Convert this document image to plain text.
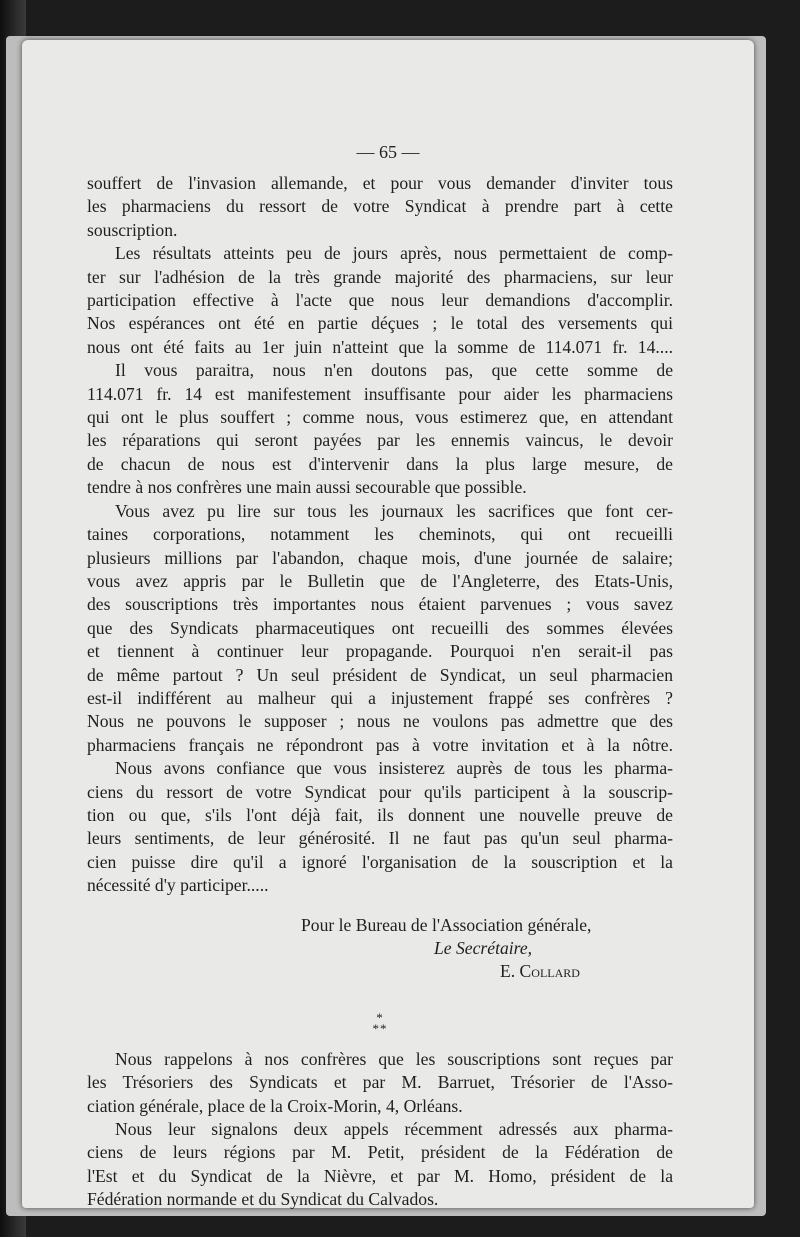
— 65 —

souffert de l'invasion allemande, et pour vous demander d'inviter tous
les pharmaciens du ressort de votre Syndicat à prendre part à cette
souscription.

Les résultats atteints peu de jours après, nous permettaient de comp-
ter sur l'adhésion de la très grande majorité des pharmaciens, sur leur
participation effective à l'acte que nous leur demandions d'accomplir.
Nos espérances ont été en partie déçues ; le total des versements qui
nous ont été faits au 1er juin n'atteint que la somme de 114.071 fr. 14....

Il vous paraitra, nous n'en doutons pas, que cette somme de
114.071 fr. 14 est manifestement insuffisante pour aider les pharmaciens
qui ont le plus souffert ; comme nous, vous estimerez que, en attendant
les réparations qui seront payées par les ennemis vaincus, le devoir
de chacun de nous est d'intervenir dans la plus large mesure, de
tendre à nos confrères une main aussi secourable que possible.

Vous avez pu lire sur tous les journaux les sacrifices que font cer-
taines corporations, notamment les cheminots, qui ont recueilli
plusieurs millions par l'abandon, chaque mois, d'une journée de salaire;
vous avez appris par le Bulletin que de l'Angleterre, des Etats-Unis,
des souscriptions très importantes nous étaient parvenues ; vous savez
que des Syndicats pharmaceutiques ont recueilli des sommes élevées
et tiennent à continuer leur propagande. Pourquoi n'en serait-il pas
de même partout ? Un seul président de Syndicat, un seul pharmacien
est-il indifférent au malheur qui a injustement frappé ses confrères ?
Nous ne pouvons le supposer ; nous ne voulons pas admettre que des
pharmaciens français ne répondront pas à votre invitation et à la nôtre.

Nous avons confiance que vous insisterez auprès de tous les pharma-
ciens du ressort de votre Syndicat pour qu'ils participent à la souscrip-
tion ou que, s'ils l'ont déjà fait, ils donnent une nouvelle preuve de
leurs sentiments, de leur générosité. Il ne faut pas qu'un seul pharma-
cien puisse dire qu'il a ignoré l'organisation de la souscription et la
nécessité d'y participer.....

Pour le Bureau de l'Association générale,
Le Secrétaire,
E. Collard
*
**

Nous rappelons à nos confrères que les souscriptions sont reçues par
les Trésoriers des Syndicats et par M. Barruet, Trésorier de l'Asso-
ciation générale, place de la Croix-Morin, 4, Orléans.

Nous leur signalons deux appels récemment adressés aux pharma-
ciens de leurs régions par M. Petit, président de la Fédération de
l'Est et du Syndicat de la Nièvre, et par M. Homo, président de la
Fédération normande et du Syndicat du Calvados.
